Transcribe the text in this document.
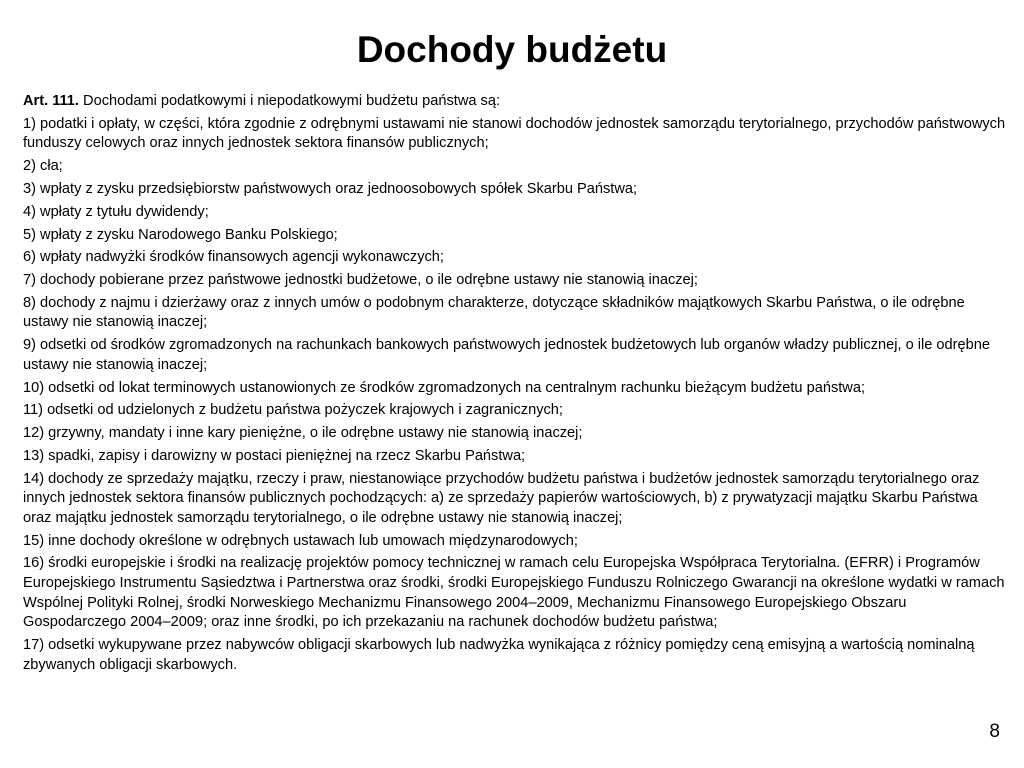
Dochody budżetu

Art. 111. Dochodami podatkowymi i niepodatkowymi budżetu państwa są:

1) podatki i opłaty, w części, która zgodnie z odrębnymi ustawami nie stanowi dochodów jednostek samorządu terytorialnego, przychodów państwowych funduszy celowych oraz innych jednostek sektora finansów publicznych;

2) cła;

3) wpłaty z zysku przedsiębiorstw państwowych oraz jednoosobowych spółek Skarbu Państwa;

4) wpłaty z tytułu dywidendy;

5) wpłaty z zysku Narodowego Banku Polskiego;

6) wpłaty nadwyżki środków finansowych agencji wykonawczych;

7) dochody pobierane przez państwowe jednostki budżetowe, o ile odrębne ustawy nie stanowią inaczej;

8) dochody z najmu i dzierżawy oraz z innych umów o podobnym charakterze, dotyczące składników majątkowych Skarbu Państwa, o ile odrębne ustawy nie stanowią inaczej;

9) odsetki od środków zgromadzonych na rachunkach bankowych państwowych jednostek budżetowych lub organów władzy publicznej, o ile odrębne ustawy nie stanowią inaczej;

10) odsetki od lokat terminowych ustanowionych ze środków zgromadzonych na centralnym rachunku bieżącym budżetu państwa;

11) odsetki od udzielonych z budżetu państwa pożyczek krajowych i zagranicznych;

12) grzywny, mandaty i inne kary pieniężne, o ile odrębne ustawy nie stanowią inaczej;

13) spadki, zapisy i darowizny w postaci pieniężnej na rzecz Skarbu Państwa;

14) dochody ze sprzedaży majątku, rzeczy i praw, niestanowiące przychodów budżetu państwa i budżetów jednostek samorządu terytorialnego oraz innych jednostek sektora finansów publicznych pochodzących: a) ze sprzedaży papierów wartościowych, b) z prywatyzacji majątku Skarbu Państwa oraz majątku jednostek samorządu terytorialnego, o ile odrębne ustawy nie stanowią inaczej;

15) inne dochody określone w odrębnych ustawach lub umowach międzynarodowych;

16) środki europejskie i środki na realizację projektów pomocy technicznej w ramach celu Europejska Współpraca Terytorialna. (EFRR) i Programów Europejskiego Instrumentu Sąsiedztwa i Partnerstwa oraz środki, środki Europejskiego Funduszu Rolniczego Gwarancji na określone wydatki w ramach Wspólnej Polityki Rolnej, środki Norweskiego Mechanizmu Finansowego 2004–2009, Mechanizmu Finansowego Europejskiego Obszaru Gospodarczego 2004–2009; oraz inne środki, po ich przekazaniu na rachunek dochodów budżetu państwa;

17) odsetki wykupywane przez nabywców obligacji skarbowych lub nadwyżka wynikająca z różnicy pomiędzy ceną emisyjną a wartością nominalną zbywanych obligacji skarbowych.

8
